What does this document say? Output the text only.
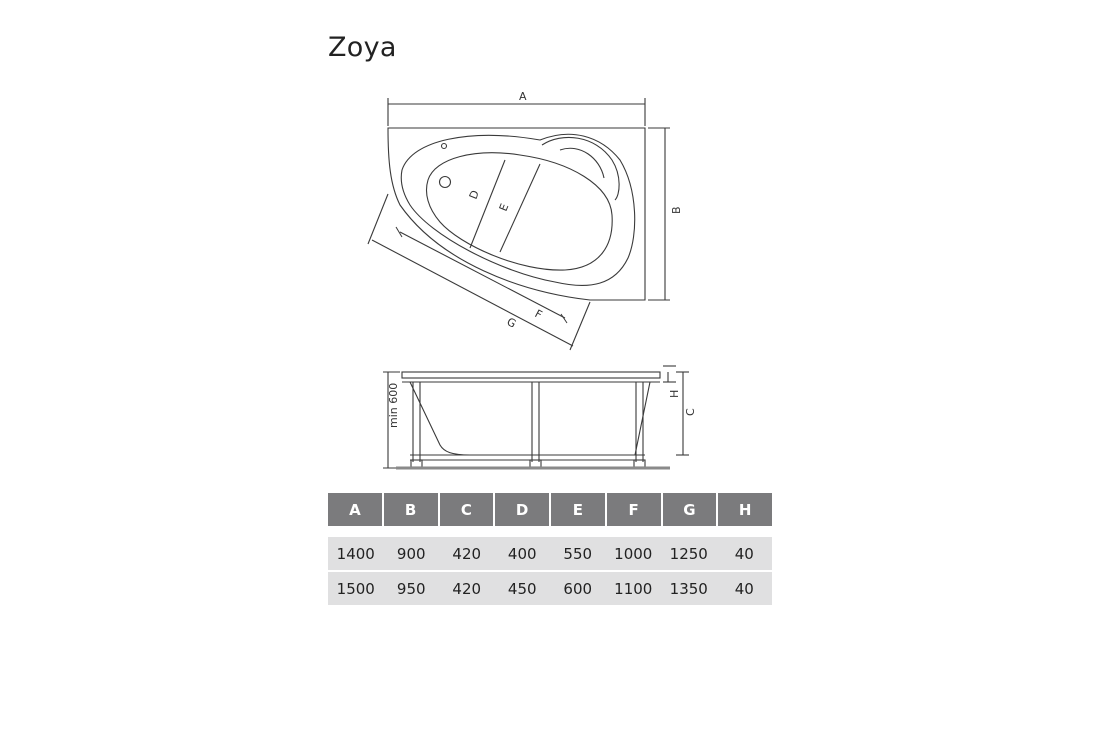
Zoya
A
B
D
E
F
G
min 600	H
C
A	B	C	D	E	F	G	H
1400	900	420	400	550	1000	1250	40
1500	950	420	450	600	1100	1350	40
